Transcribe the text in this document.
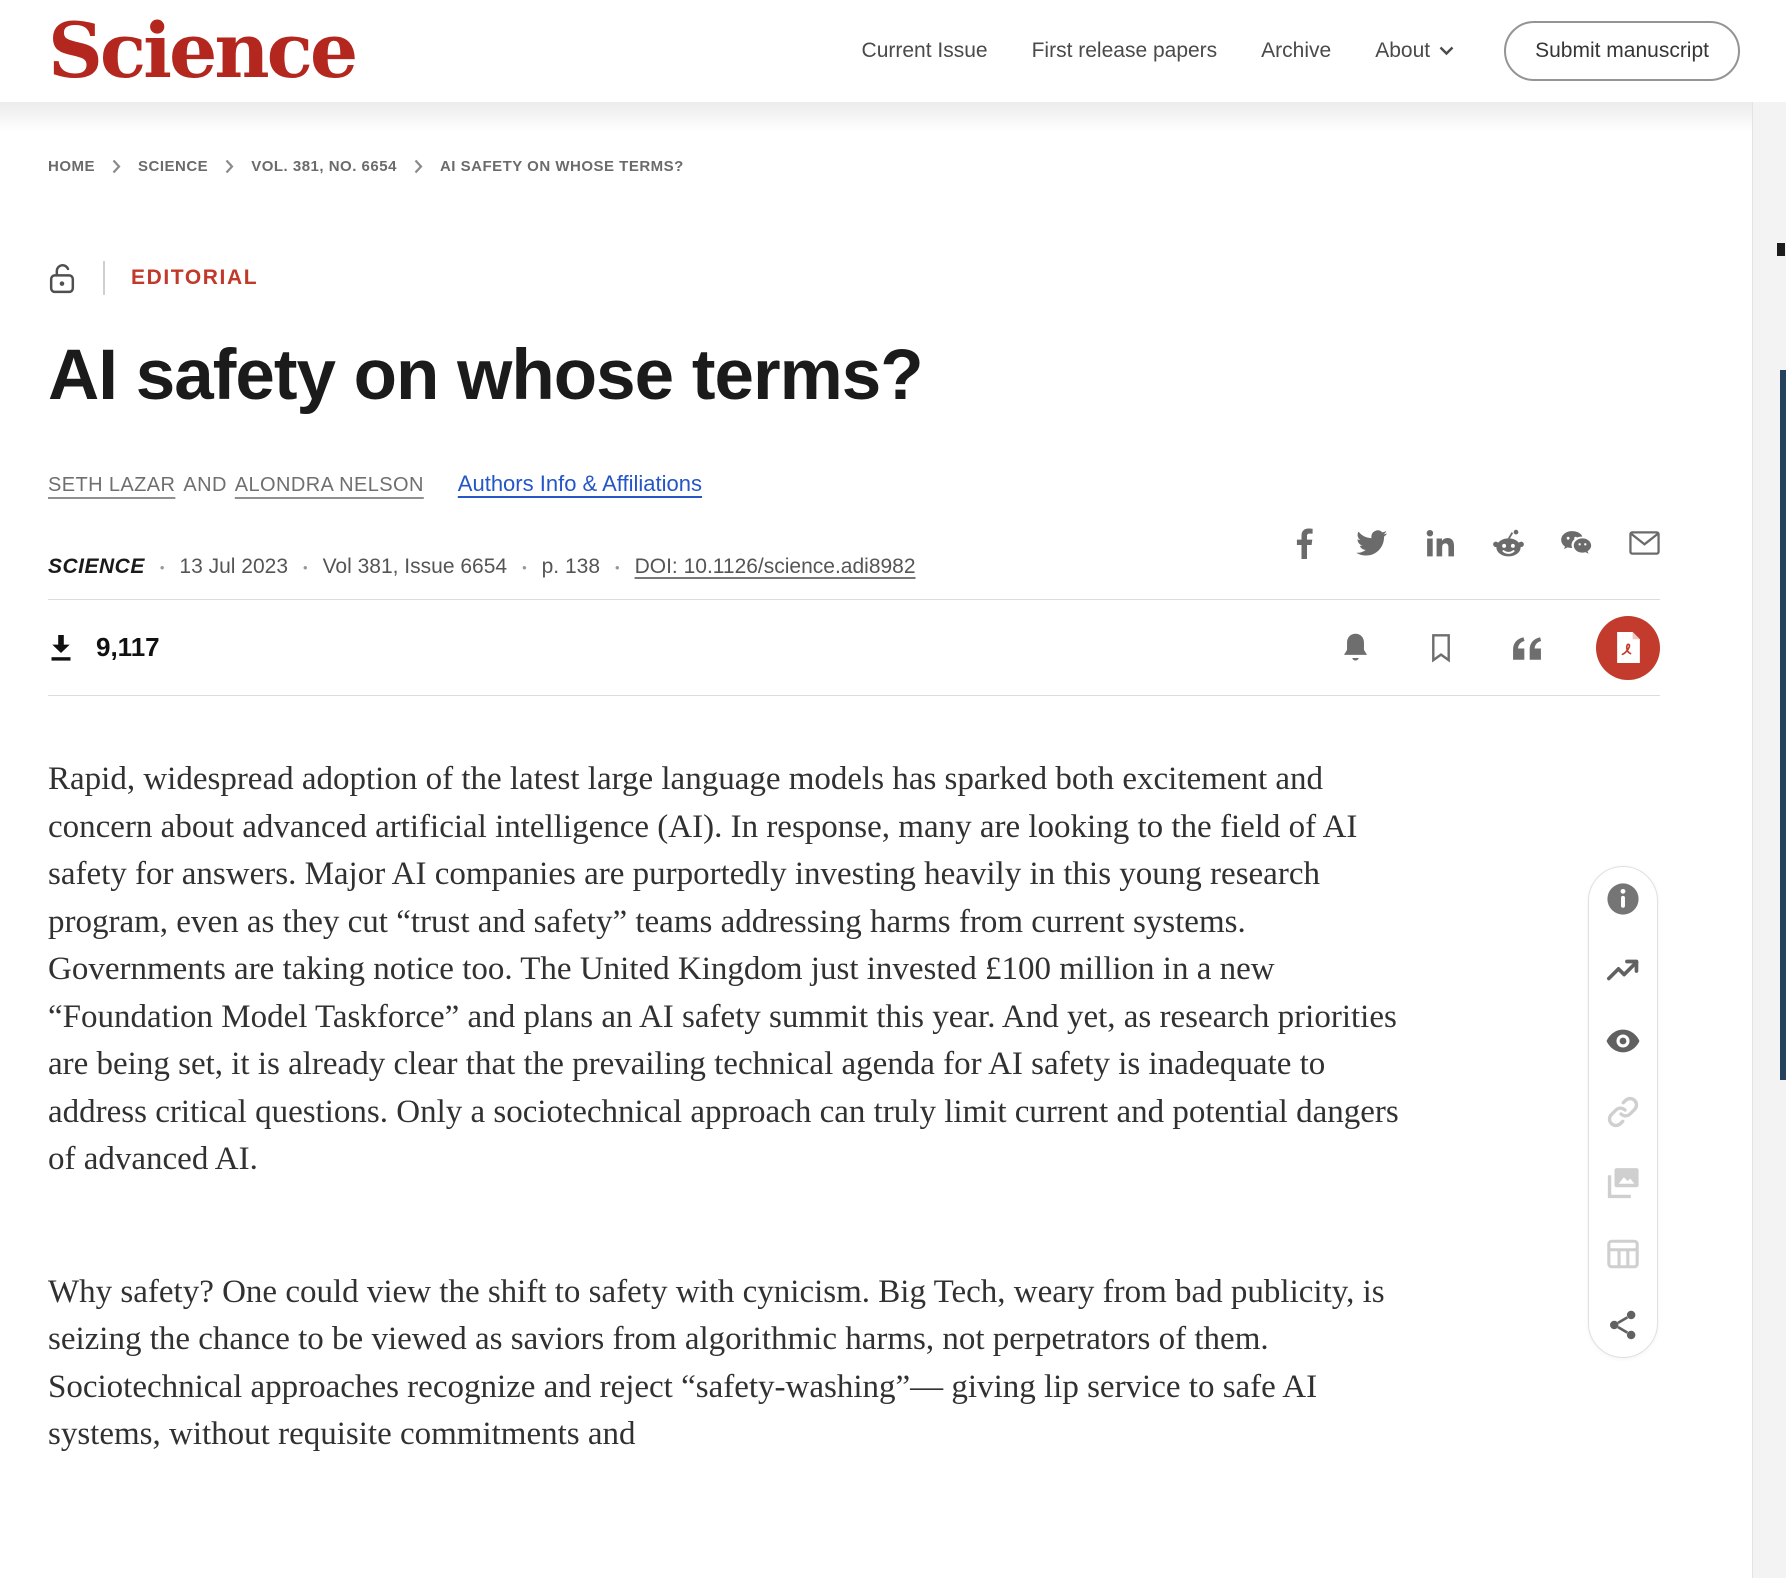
Science	Current Issue First release papers Archive About	Submit manuscript
HOME	SCIENCE	VOL. 381, NO. 6654	AI SAFETY ON WHOSE TERMS?
EDITORIAL
AI safety on whose terms?
SETH LAZAR AND ALONDRA NELSON Authors Info & Affiliations
SCIENCE • 13 Jul 2023 • Vol 381, Issue 6654 • p. 138 • DOI: 10.1126/science.adi8982
9,117

Rapid, widespread adoption of the latest large language models has sparked both excitement and concern about advanced artificial intelligence (AI). In response, many are looking to the field of AI safety for answers. Major AI companies are purportedly investing heavily in this young research program, even as they cut “trust and safety” teams addressing harms from current systems. Governments are taking notice too. The United Kingdom just invested £100 million in a new “Foundation Model Taskforce” and plans an AI safety summit this year. And yet, as research priorities are being set, it is already clear that the prevailing technical agenda for AI safety is inadequate to address critical questions. Only a sociotechnical approach can truly limit current and potential dangers of advanced AI.

Why safety? One could view the shift to safety with cynicism. Big Tech, weary from bad publicity, is seizing the chance to be viewed as saviors from algorithmic harms, not perpetrators of them. Sociotechnical approaches recognize and reject “safety-washing”— giving lip service to safe AI systems, without requisite commitments and
